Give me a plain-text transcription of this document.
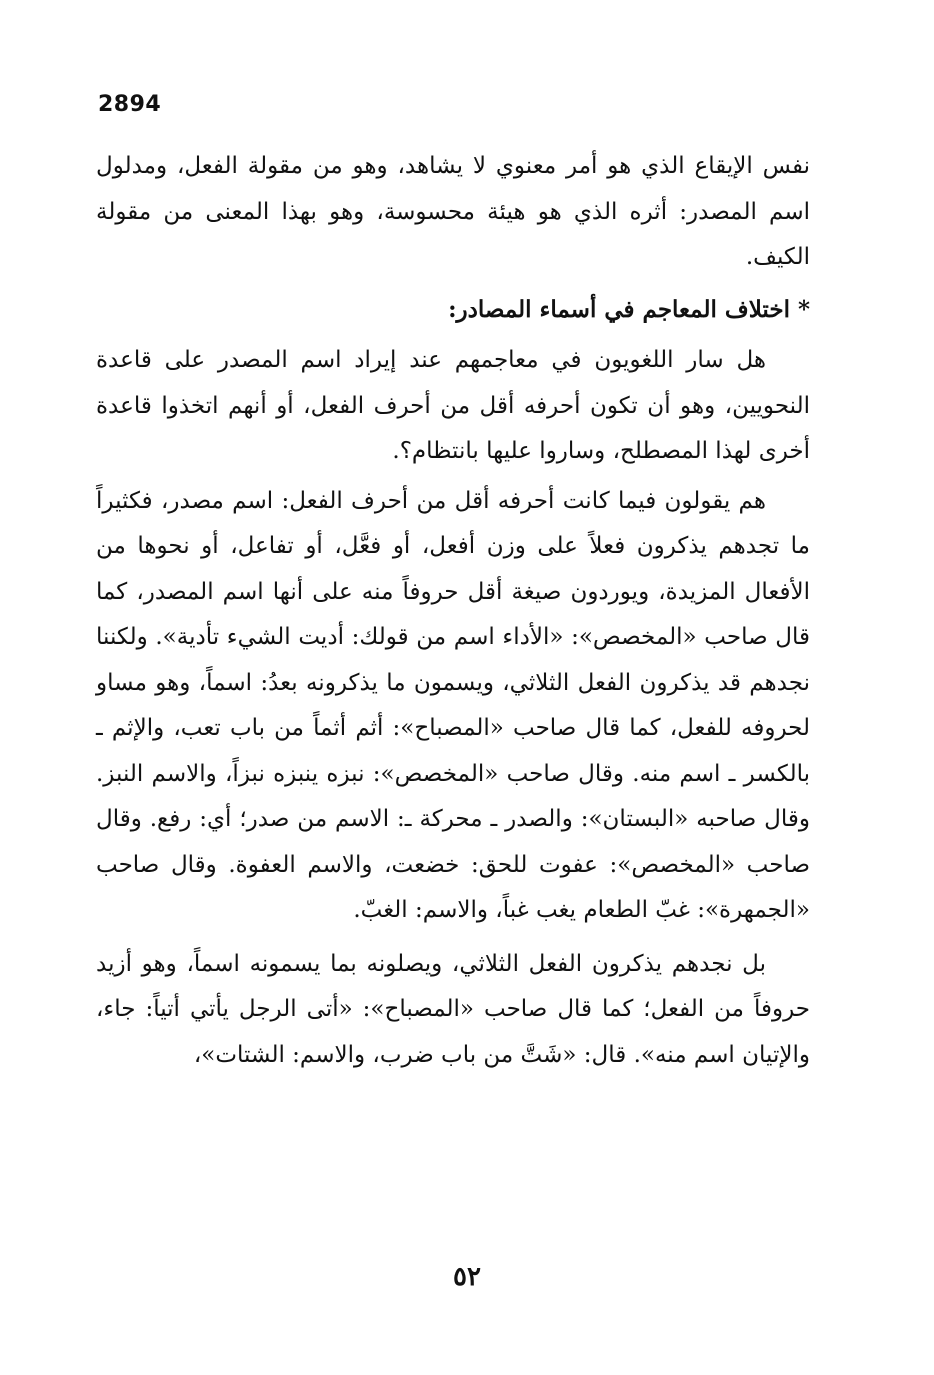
2894

نفس الإيقاع الذي هو أمر معنوي لا يشاهد، وهو من مقولة الفعل، ومدلول اسم المصدر: أثره الذي هو هيئة محسوسة، وهو بهذا المعنى من مقولة الكيف.

* اختلاف المعاجم في أسماء المصادر:

هل سار اللغويون في معاجمهم عند إيراد اسم المصدر على قاعدة النحويين، وهو أن تكون أحرفه أقل من أحرف الفعل، أو أنهم اتخذوا قاعدة أخرى لهذا المصطلح، وساروا عليها بانتظام؟.

هم يقولون فيما كانت أحرفه أقل من أحرف الفعل: اسم مصدر، فكثيراً ما تجدهم يذكرون فعلاً على وزن أفعل، أو فعَّل، أو تفاعل، أو نحوها من الأفعال المزيدة، ويوردون صيغة أقل حروفاً منه على أنها اسم المصدر، كما قال صاحب «المخصص»: «الأداء اسم من قولك: أديت الشيء تأدية». ولكننا نجدهم قد يذكرون الفعل الثلاثي، ويسمون ما يذكرونه بعدُ: اسماً، وهو مساو لحروفه للفعل، كما قال صاحب «المصباح»: أثم أثماً من باب تعب، والإثم ـ بالكسر ـ اسم منه. وقال صاحب «المخصص»: نبزه ينبزه نبزاً، والاسم النبز. وقال صاحبه «البستان»: والصدر ـ محركة ـ: الاسم من صدر؛ أي: رفع. وقال صاحب «المخصص»: عفوت للحق: خضعت، والاسم العفوة. وقال صاحب «الجمهرة»: غبّ الطعام يغب غباً، والاسم: الغبّ.

بل نجدهم يذكرون الفعل الثلاثي، ويصلونه بما يسمونه اسماً، وهو أزيد حروفاً من الفعل؛ كما قال صاحب «المصباح»: «أتى الرجل يأتي أتياً: جاء، والإتيان اسم منه». قال: «شَتَّ من باب ضرب، والاسم: الشتات»،

٥٢
